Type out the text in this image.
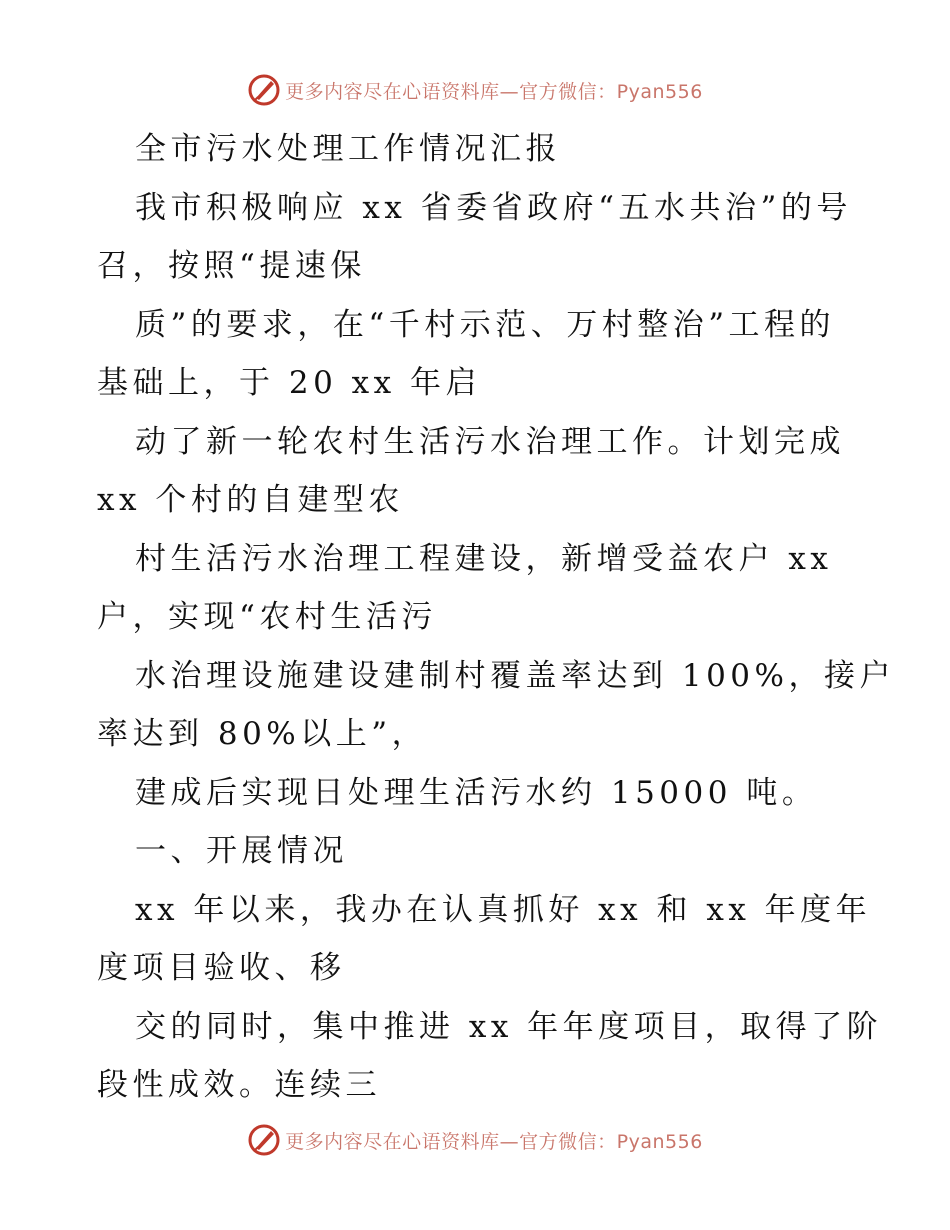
更多内容尽在心语资料库—官方微信：Pyan556
全市污水处理工作情况汇报
我市积极响应 xx 省委省政府“五水共治”的号
召，按照“提速保
质”的要求，在“千村示范、万村整治”工程的
基础上，于 20 xx 年启
动了新一轮农村生活污水治理工作。计划完成
xx 个村的自建型农
村生活污水治理工程建设，新增受益农户 xx
户，实现“农村生活污
水治理设施建设建制村覆盖率达到 100%，接户
率达到 80%以上”，
建成后实现日处理生活污水约 15000 吨。
一、开展情况
xx 年以来，我办在认真抓好 xx 和 xx 年度年
度项目验收、移
交的同时，集中推进 xx 年年度项目，取得了阶
段性成效。连续三
更多内容尽在心语资料库—官方微信：Pyan556
